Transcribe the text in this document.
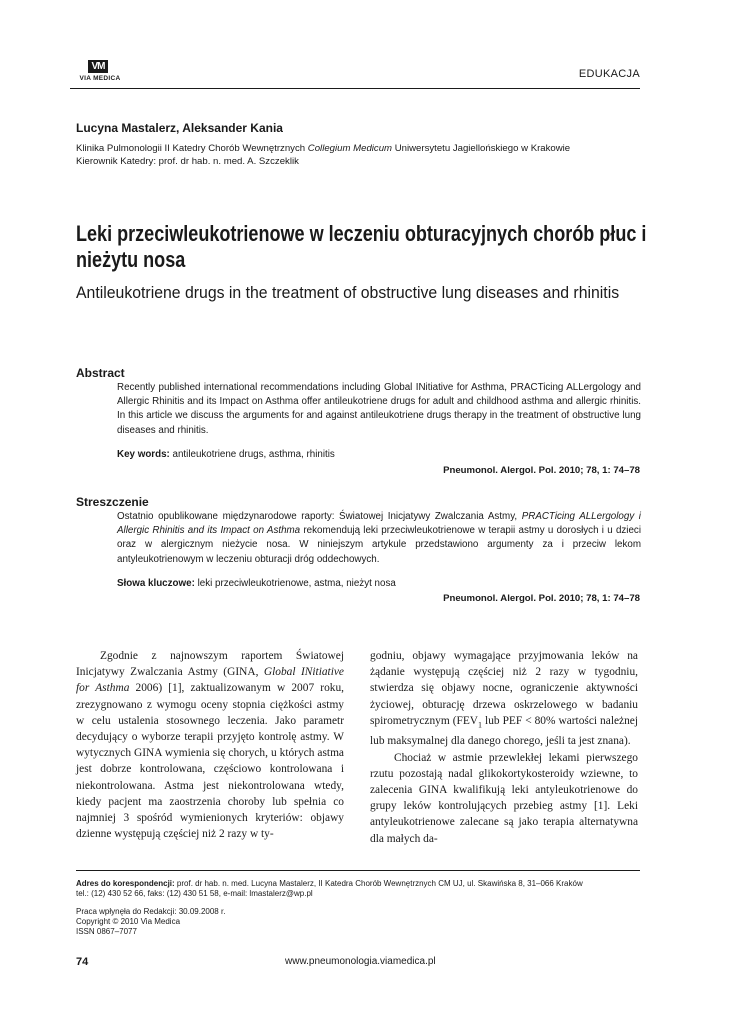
VM
VIA MEDICA	EDUKACJA
Lucyna Mastalerz, Aleksander Kania
Klinika Pulmonologii II Katedry Chorób Wewnętrznych Collegium Medicum Uniwersytetu Jagiellońskiego w Krakowie
Kierownik Katedry: prof. dr hab. n. med. A. Szczeklik
Leki przeciwleukotrienowe w leczeniu obturacyjnych chorób płuc i nieżytu nosa
Antileukotriene drugs in the treatment of obstructive lung diseases and rhinitis
Abstract
Recently published international recommendations including Global INitiative for Asthma, PRACTicing ALLergology and Allergic Rhinitis and its Impact on Asthma offer antileukotriene drugs for adult and childhood asthma and allergic rhinitis. In this article we discuss the arguments for and against antileukotriene drugs therapy in the treatment of obstructive lung diseases and rhinitis.
Key words: antileukotriene drugs, asthma, rhinitis
Pneumonol. Alergol. Pol. 2010; 78, 1: 74–78
Streszczenie
Ostatnio opublikowane międzynarodowe raporty: Światowej Inicjatywy Zwalczania Astmy, PRACTicing ALLergology i Allergic Rhinitis and its Impact on Asthma rekomendują leki przeciwleukotrienowe w terapii astmy u dorosłych i u dzieci oraz w alergicznym nieżycie nosa. W niniejszym artykule przedstawiono argumenty za i przeciw lekom antyleukotrienowym w leczeniu obturacji dróg oddechowych.
Słowa kluczowe: leki przeciwleukotrienowe, astma, nieżyt nosa
Pneumonol. Alergol. Pol. 2010; 78, 1: 74–78

Zgodnie z najnowszym raportem Światowej Inicjatywy Zwalczania Astmy (GINA, Global INitiative for Asthma 2006) [1], zaktualizowanym w 2007 roku, zrezygnowano z wymogu oceny stopnia ciężkości astmy w celu ustalenia stosownego leczenia. Jako parametr decydujący o wyborze terapii przyjęto kontrolę astmy. W wytycznych GINA wymienia się chorych, u których astma jest dobrze kontrolowana, częściowo kontrolowana i niekontrolowana. Astma jest niekontrolowana wtedy, kiedy pacjent ma zaostrzenia choroby lub spełnia co najmniej 3 spośród wymienionych kryteriów: objawy dzienne występują częściej niż 2 razy w ty-

godniu, objawy wymagające przyjmowania leków na żądanie występują częściej niż 2 razy w tygodniu, stwierdza się objawy nocne, ograniczenie aktywności życiowej, obturację drzewa oskrzelowego w badaniu spirometrycznym ($FEV_1$ lub PEF < 80% wartości należnej lub maksymalnej dla danego chorego, jeśli ta jest znana).

Chociaż w astmie przewlekłej lekami pierwszego rzutu pozostają nadal glikokortykosteroidy wziewne, to zalecenia GINA kwalifikują leki antyleukotrienowe do grupy leków kontrolujących przebieg astmy [1]. Leki antyleukotrienowe zalecane są jako terapia alternatywna dla małych da-

Adres do korespondencji: prof. dr hab. n. med. Lucyna Mastalerz, II Katedra Chorób Wewnętrznych CM UJ, ul. Skawińska 8, 31–066 Kraków
tel.: (12) 430 52 66, faks: (12) 430 51 58, e-mail: lmastalerz@wp.pl
Praca wpłynęła do Redakcji: 30.09.2008 r.
Copyright © 2010 Via Medica
ISSN 0867–7077
74	www.pneumonologia.viamedica.pl
